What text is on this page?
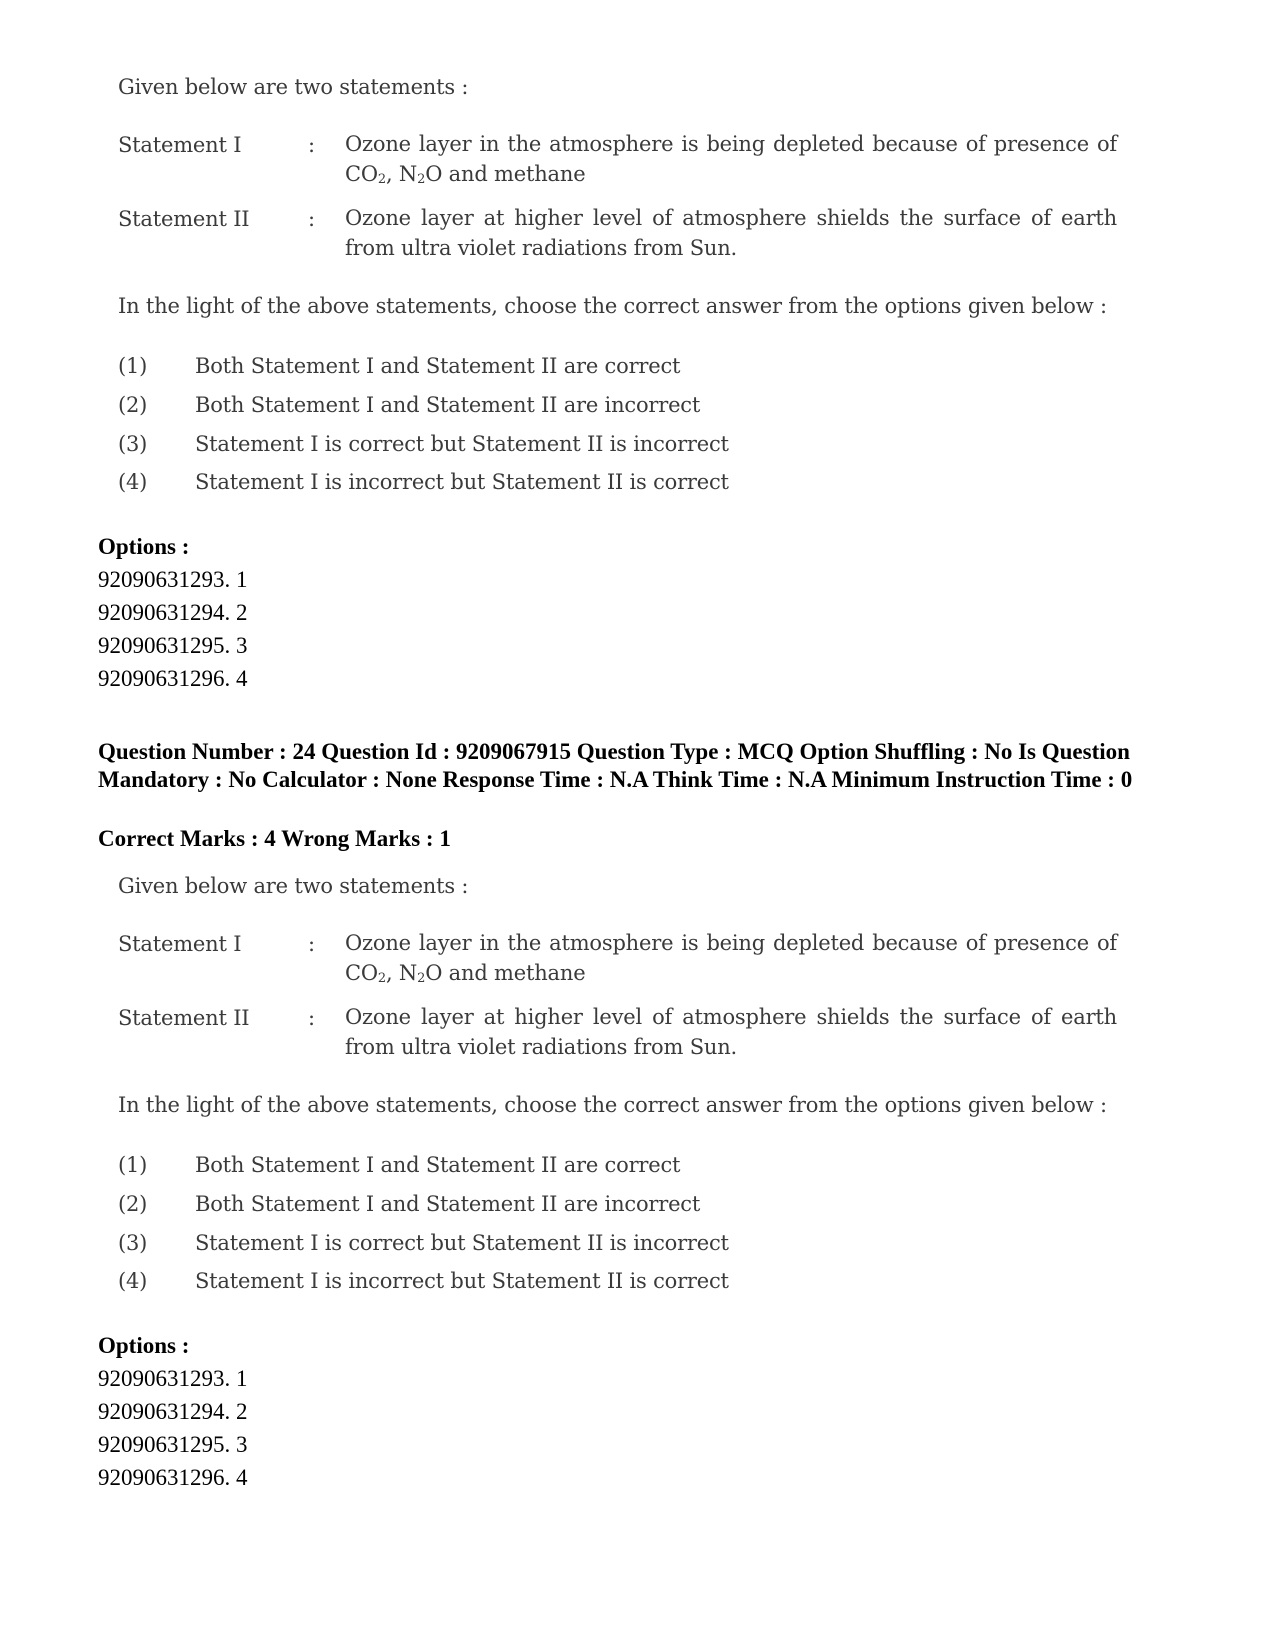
Given below are two statements :
Statement I	: Ozone layer in the atmosphere is being depleted because of presence of $CO_2$, $N_2O$ and methane
Statement II	: Ozone layer at higher level of atmosphere shields the surface of earth from ultra violet radiations from Sun.
In the light of the above statements, choose the correct answer from the options given below :
(1) Both Statement I and Statement II are correct
(2) Both Statement I and Statement II are incorrect
(3) Statement I is correct but Statement II is incorrect
(4) Statement I is incorrect but Statement II is correct
Options :
92090631293. 1
92090631294. 2
92090631295. 3
92090631296. 4
Question Number : 24 Question Id : 9209067915 Question Type : MCQ Option Shuffling : No Is Question Mandatory : No Calculator : None Response Time : N.A Think Time : N.A Minimum Instruction Time : 0
Correct Marks : 4 Wrong Marks : 1
Given below are two statements :
Statement I	: Ozone layer in the atmosphere is being depleted because of presence of $CO_2$, $N_2O$ and methane
Statement II	: Ozone layer at higher level of atmosphere shields the surface of earth from ultra violet radiations from Sun.
In the light of the above statements, choose the correct answer from the options given below :
(1) Both Statement I and Statement II are correct
(2) Both Statement I and Statement II are incorrect
(3) Statement I is correct but Statement II is incorrect
(4) Statement I is incorrect but Statement II is correct
Options :
92090631293. 1
92090631294. 2
92090631295. 3
92090631296. 4
